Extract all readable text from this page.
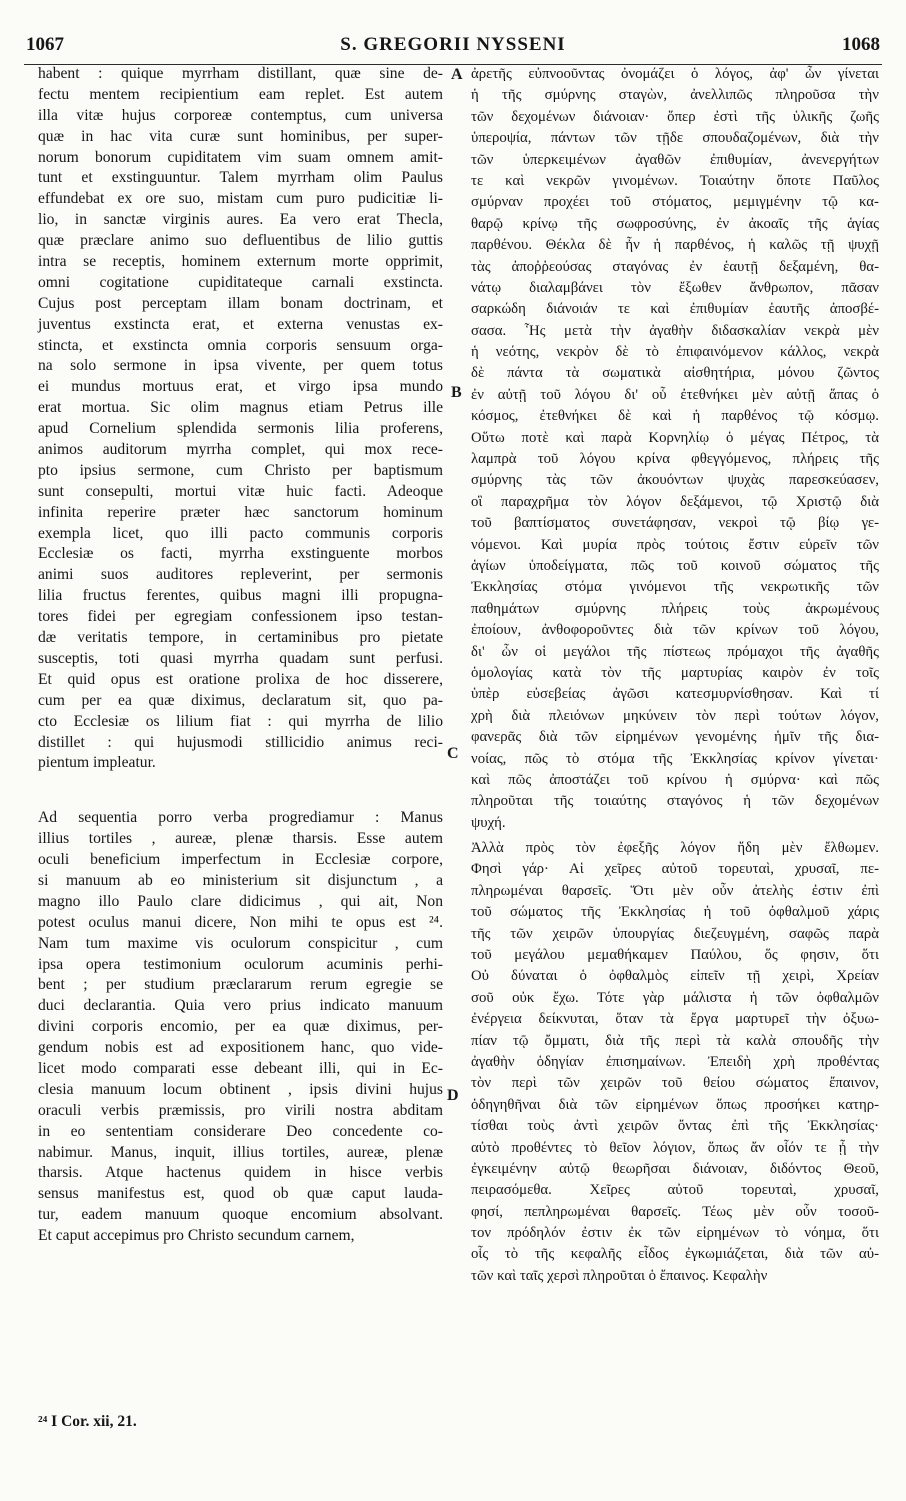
1067	S. GREGORII NYSSENI	1068
habent : quique myrrham distillant, quæ sine de-
fectu mentem recipientium eam replet. Est autem
illa vitæ hujus corporeæ contemptus, cum universa
quæ in hac vita curæ sunt hominibus, per super-
norum bonorum cupiditatem vim suam omnem amit-
tunt et exstinguuntur. Talem myrrham olim Paulus
effundebat ex ore suo, mistam cum puro pudicitiæ li-
lio, in sanctæ virginis aures. Ea vero erat Thecla,
quæ præclare animo suo defluentibus de lilio guttis
intra se receptis, hominem externum morte opprimit,
omni cogitatione cupiditateque carnali exstincta.
Cujus post perceptam illam bonam doctrinam, et
juventus exstincta erat, et externa venustas ex-
stincta, et exstincta omnia corporis sensuum orga-
na solo sermone in ipsa vivente, per quem totus
ei mundus mortuus erat, et virgo ipsa mundo
erat mortua. Sic olim magnus etiam Petrus ille
apud Cornelium splendida sermonis lilia proferens,
animos auditorum myrrha complet, qui mox rece-
pto ipsius sermone, cum Christo per baptismum
sunt consepulti, mortui vitæ huic facti. Adeoque
infinita reperire præter hæc sanctorum hominum
exempla licet, quo illi pacto communis corporis
Ecclesiæ os facti, myrrha exstinguente morbos
animi suos auditores repleverint, per sermonis
lilia fructus ferentes, quibus magni illi propugna-
tores fidei per egregiam confessionem ipso testan-
dæ veritatis tempore, in certaminibus pro pietate
susceptis, toti quasi myrrha quadam sunt perfusi.
Et quid opus est oratione prolixa de hoc disserere,
cum per ea quæ diximus, declaratum sit, quo pa-
cto Ecclesiæ os lilium fiat : qui myrrha de lilio
distillet : qui hujusmodi stillicidio animus reci-
pientum impleatur.
Ad sequentia porro verba progrediamur : Manus
illius tortiles , aureæ, plenæ tharsis. Esse autem
oculi beneficium imperfectum in Ecclesiæ corpore,
si manuum ab eo ministerium sit disjunctum , a
magno illo Paulo clare didicimus , qui ait, Non
potest oculus manui dicere, Non mihi te opus est ²⁴.
Nam tum maxime vis oculorum conspicitur , cum
ipsa opera testimonium oculorum acuminis perhi-
bent ; per studium præclararum rerum egregie se
duci declarantia. Quia vero prius indicato manuum
divini corporis encomio, per ea quæ diximus, per-
gendum nobis est ad expositionem hanc, quo vide-
licet modo comparati esse debeant illi, qui in Ec-
clesia manuum locum obtinent , ipsis divini hujus
oraculi verbis præmissis, pro virili nostra abditam
in eo sententiam considerare Deo concedente co-
nabimur. Manus, inquit, illius tortiles, aureæ, plenæ
tharsis. Atque hactenus quidem in hisce verbis
sensus manifestus est, quod ob quæ caput lauda-
tur, eadem manuum quoque encomium absolvant.
Et caput accepimus pro Christo secundum carnem,
ἀρετῆς εὐπνοοῦντας ὀνομάζει ὁ λόγος, ἀφ' ὧν γίνεται
ἡ τῆς σμύρνης σταγὼν, ἀνελλιπῶς πληροῦσα τὴν
τῶν δεχομένων διάνοιαν· ὅπερ ἐστὶ τῆς ὑλικῆς ζωῆς
ὑπεροψία, πάντων τῶν τῇδε σπουδαζομένων, διὰ τὴν
τῶν ὑπερκειμένων ἀγαθῶν ἐπιθυμίαν, ἀνενεργήτων
τε καὶ νεκρῶν γινομένων. Τοιαύτην ὅποτε Παῦλος
σμύρναν προχέει τοῦ στόματος, μεμιγμένην τῷ κα-
θαρῷ κρίνῳ τῆς σωφροσύνης, ἐν ἀκοαῖς τῆς ἁγίας
παρθένου. Θέκλα δὲ ἦν ἡ παρθένος, ἡ καλῶς τῇ ψυχῇ
τὰς ἀποῤῥεούσας σταγόνας ἐν ἑαυτῇ δεξαμένη, θα-
νάτῳ διαλαμβάνει τὸν ἔξωθεν ἄνθρωπον, πᾶσαν
σαρκώδη διάνοιάν τε καὶ ἐπιθυμίαν ἑαυτῆς ἀποσβέ-
σασα. Ἧς μετὰ τὴν ἀγαθὴν διδασκαλίαν νεκρὰ μὲν
ἡ νεότης, νεκρὸν δὲ τὸ ἐπιφαινόμενον κάλλος, νεκρὰ
δὲ πάντα τὰ σωματικὰ αἰσθητήρια, μόνου ζῶντος
ἐν αὐτῇ τοῦ λόγου δι' οὗ ἐτεθνήκει μὲν αὐτῇ ἅπας ὁ
κόσμος, ἐτεθνήκει δὲ καὶ ἡ παρθένος τῷ κόσμῳ.
Οὕτω ποτὲ καὶ παρὰ Κορνηλίῳ ὁ μέγας Πέτρος, τὰ
λαμπρὰ τοῦ λόγου κρίνα φθεγγόμενος, πλήρεις τῆς
σμύρνης τὰς τῶν ἀκουόντων ψυχὰς παρεσκεύασεν,
οἳ παραχρῆμα τὸν λόγον δεξάμενοι, τῷ Χριστῷ διὰ
τοῦ βαπτίσματος συνετάφησαν, νεκροὶ τῷ βίῳ γε-
νόμενοι. Καὶ μυρία πρὸς τούτοις ἔστιν εὑρεῖν τῶν
ἁγίων ὑποδείγματα, πῶς τοῦ κοινοῦ σώματος τῆς
Ἐκκλησίας στόμα γινόμενοι τῆς νεκρωτικῆς τῶν
παθημάτων σμύρνης πλήρεις τοὺς ἀκρωμένους
ἐποίουν, ἀνθοφοροῦντες διὰ τῶν κρίνων τοῦ λόγου,
δι' ὧν οἱ μεγάλοι τῆς πίστεως πρόμαχοι τῆς ἀγαθῆς
ὁμολογίας κατὰ τὸν τῆς μαρτυρίας καιρὸν ἐν τοῖς
ὑπὲρ εὐσεβείας ἀγῶσι κατεσμυρνίσθησαν. Καὶ τί
χρὴ διὰ πλειόνων μηκύνειν τὸν περὶ τούτων λόγον,
φανερᾶς διὰ τῶν εἰρημένων γενομένης ἡμῖν τῆς δια-
νοίας, πῶς τὸ στόμα τῆς Ἐκκλησίας κρίνον γίνεται·
καὶ πῶς ἀποστάζει τοῦ κρίνου ἡ σμύρνα· καὶ πῶς
πληροῦται τῆς τοιαύτης σταγόνος ἡ τῶν δεχομένων
ψυχή.
Ἀλλὰ πρὸς τὸν ἐφεξῆς λόγον ἤδη μὲν ἔλθωμεν.
Φησὶ γάρ· Αἱ χεῖρες αὐτοῦ τορευταὶ, χρυσαῖ, πε-
πληρωμέναι θαρσεῖς. Ὅτι μὲν οὖν ἀτελὴς ἐστιν ἐπὶ
τοῦ σώματος τῆς Ἐκκλησίας ἡ τοῦ ὀφθαλμοῦ χάρις
τῆς τῶν χειρῶν ὑπουργίας διεζευγμένη, σαφῶς παρὰ
τοῦ μεγάλου μεμαθήκαμεν Παύλου, ὅς φησιν, ὅτι
Οὐ δύναται ὁ ὀφθαλμὸς εἰπεῖν τῇ χειρὶ, Χρείαν
σοῦ οὐκ ἔχω. Τότε γὰρ μάλιστα ἡ τῶν ὀφθαλμῶν
ἐνέργεια δείκνυται, ὅταν τὰ ἔργα μαρτυρεῖ τὴν ὀξυω-
πίαν τῷ ὄμματι, διὰ τῆς περὶ τὰ καλὰ σπουδῆς τὴν
ἀγαθὴν ὁδηγίαν ἐπισημαίνων. Ἐπειδὴ χρὴ προθέντας
τὸν περὶ τῶν χειρῶν τοῦ θείου σώματος ἔπαινον,
ὁδηγηθῆναι διὰ τῶν εἰρημένων ὅπως προσήκει κατηρ-
τίσθαι τοὺς ἀντὶ χειρῶν ὄντας ἐπὶ τῆς Ἐκκλησίας·
αὐτὸ προθέντες τὸ θεῖον λόγιον, ὅπως ἄν οἷόν τε ᾖ τὴν
ἐγκειμένην αὐτῷ θεωρῆσαι διάνοιαν, διδόντος Θεοῦ,
πειρασόμεθα. Χεῖρες αὐτοῦ τορευταὶ, χρυσαῖ,
φησί, πεπληρωμέναι θαρσεῖς. Τέως μὲν οὖν τοσοῦ-
τον πρόδηλόν ἐστιν ἐκ τῶν εἰρημένων τὸ νόημα, ὅτι
οἷς τὸ τῆς κεφαλῆς εἶδος ἐγκωμιάζεται, διὰ τῶν αὐ-
τῶν καὶ ταῖς χερσὶ πληροῦται ὁ ἔπαινος. Κεφαλὴν
A
B
C
D
²⁴ I Cor. xii, 21.
